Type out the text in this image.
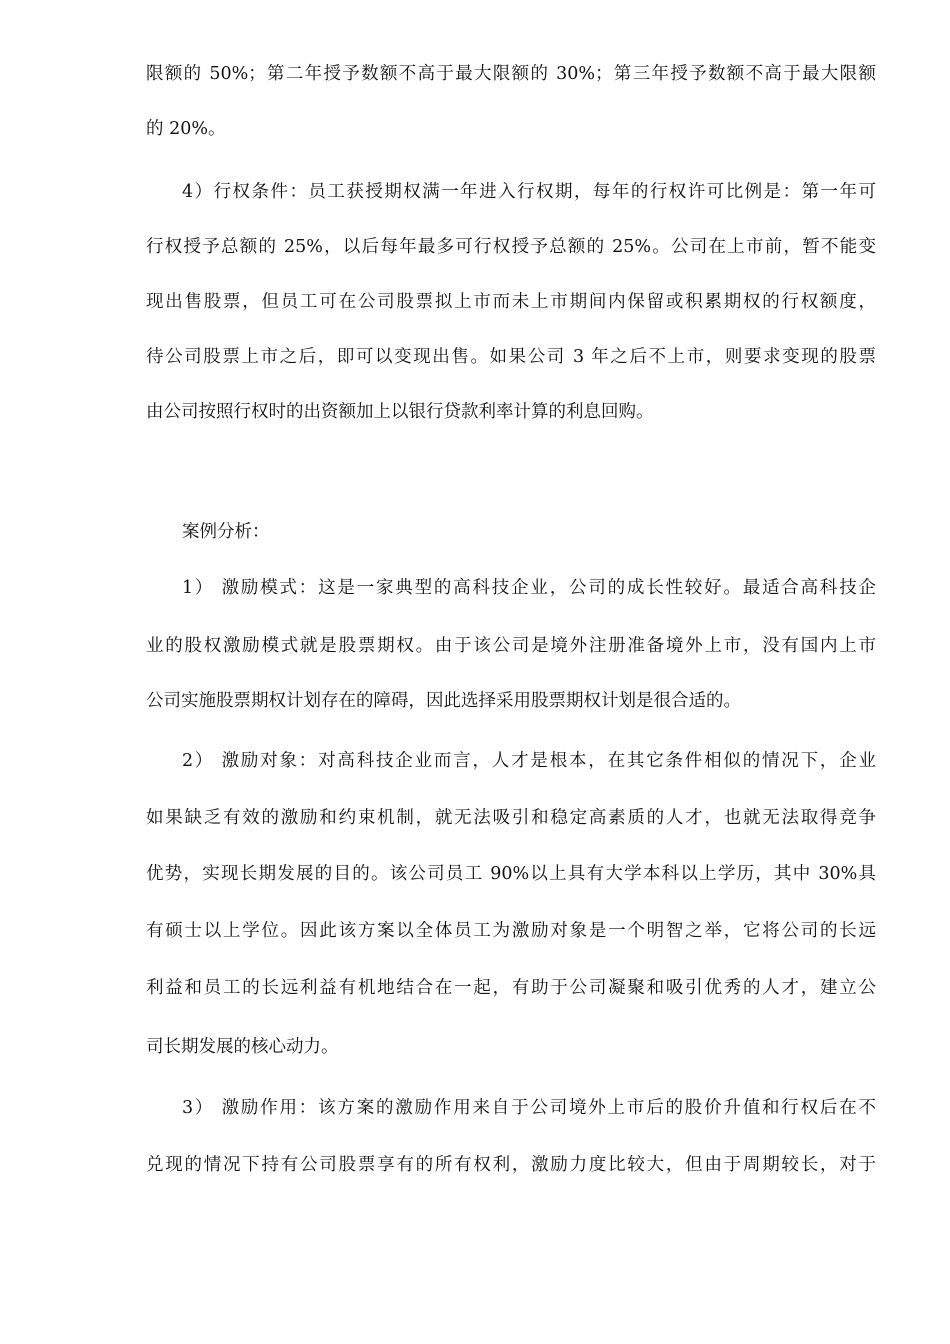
限额的 50%；第二年授予数额不高于最大限额的 30%；第三年授予数额不高于最大限额
的 20%。
4）行权条件：员工获授期权满一年进入行权期，每年的行权许可比例是：第一年可
行权授予总额的 25%，以后每年最多可行权授予总额的 25%。公司在上市前，暂不能变
现出售股票，但员工可在公司股票拟上市而未上市期间内保留或积累期权的行权额度，
待公司股票上市之后，即可以变现出售。如果公司 3 年之后不上市，则要求变现的股票
由公司按照行权时的出资额加上以银行贷款利率计算的利息回购。
案例分析：
1） 激励模式：这是一家典型的高科技企业，公司的成长性较好。最适合高科技企
业的股权激励模式就是股票期权。由于该公司是境外注册准备境外上市，没有国内上市
公司实施股票期权计划存在的障碍，因此选择采用股票期权计划是很合适的。
2） 激励对象：对高科技企业而言，人才是根本，在其它条件相似的情况下，企业
如果缺乏有效的激励和约束机制，就无法吸引和稳定高素质的人才，也就无法取得竞争
优势，实现长期发展的目的。该公司员工 90%以上具有大学本科以上学历，其中 30%具
有硕士以上学位。因此该方案以全体员工为激励对象是一个明智之举，它将公司的长远
利益和员工的长远利益有机地结合在一起，有助于公司凝聚和吸引优秀的人才，建立公
司长期发展的核心动力。
3） 激励作用：该方案的激励作用来自于公司境外上市后的股价升值和行权后在不
兑现的情况下持有公司股票享有的所有权利，激励力度比较大，但由于周期较长，对于
